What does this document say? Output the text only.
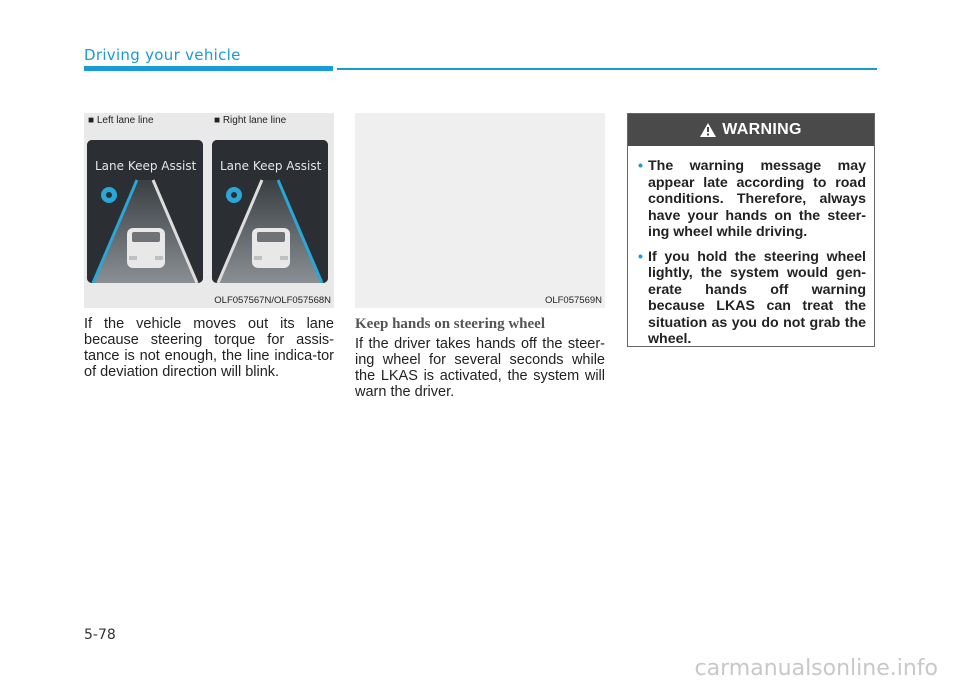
Driving your vehicle
■ Left lane line	■ Right lane line
Lane Keep Assist Lane Keep Assist
OLF057567N/OLF057568N	OLF057569N
If the vehicle moves out its lane because steering torque for assis-tance is not enough, the line indica-tor of deviation direction will blink.
Keep hands on steering wheel
If the driver takes hands off the steer-ing wheel for several seconds while the LKAS is activated, the system will warn the driver.
WARNING
• The warning message may appear late according to road conditions. Therefore, always have your hands on the steer-ing wheel while driving.
• If you hold the steering wheel lightly, the system would gen-erate hands off warning because LKAS can treat the situation as you do not grab the wheel.
5-78
carmanualsonline.info
